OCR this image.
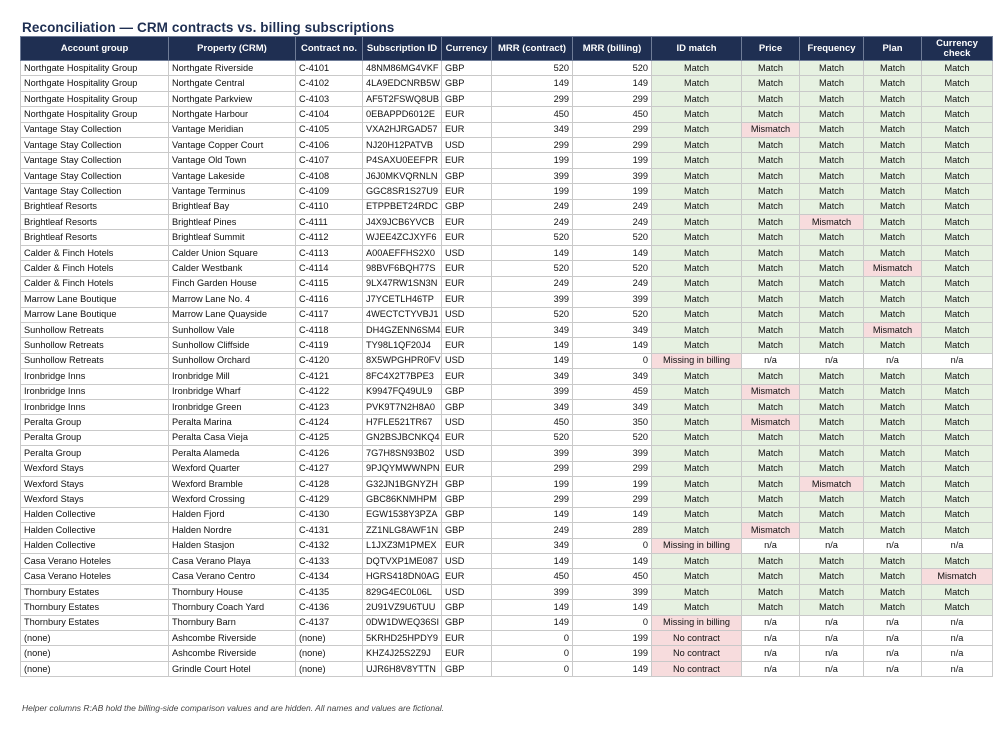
Reconciliation — CRM contracts vs. billing subscriptions
Account group	Property (CRM)	Contract no.	Subscription ID	Currency	MRR (contract)	MRR (billing)	ID match	Price	Frequency	Plan	Currency check
Northgate Hospitality Group	Northgate Riverside	C-4101	48NM86MG4VKF	GBP	520	520	Match	Match	Match	Match	Match
Northgate Hospitality Group	Northgate Central	C-4102	4LA9EDCNRB5W	GBP	149	149	Match	Match	Match	Match	Match
Northgate Hospitality Group	Northgate Parkview	C-4103	AF5T2FSWQ8UB	GBP	299	299	Match	Match	Match	Match	Match
Northgate Hospitality Group	Northgate Harbour	C-4104	0EBAPPD6012E	EUR	450	450	Match	Match	Match	Match	Match
Vantage Stay Collection	Vantage Meridian	C-4105	VXA2HJRGAD57	EUR	349	299	Match	Mismatch	Match	Match	Match
Vantage Stay Collection	Vantage Copper Court	C-4106	NJ20H12PATVB	USD	299	299	Match	Match	Match	Match	Match
Vantage Stay Collection	Vantage Old Town	C-4107	P4SAXU0EEFPR	EUR	199	199	Match	Match	Match	Match	Match
Vantage Stay Collection	Vantage Lakeside	C-4108	J6J0MKVQRNLN	GBP	399	399	Match	Match	Match	Match	Match
Vantage Stay Collection	Vantage Terminus	C-4109	GGC8SR1S27U9	EUR	199	199	Match	Match	Match	Match	Match
Brightleaf Resorts	Brightleaf Bay	C-4110	ETPPBET24RDC	GBP	249	249	Match	Match	Match	Match	Match
Brightleaf Resorts	Brightleaf Pines	C-4111	J4X9JCB6YVCB	EUR	249	249	Match	Match	Mismatch	Match	Match
Brightleaf Resorts	Brightleaf Summit	C-4112	WJEE4ZCJXYF6	EUR	520	520	Match	Match	Match	Match	Match
Calder & Finch Hotels	Calder Union Square	C-4113	A00AEFFHS2X0	USD	149	149	Match	Match	Match	Match	Match
Calder & Finch Hotels	Calder Westbank	C-4114	98BVF6BQH77S	EUR	520	520	Match	Match	Match	Mismatch	Match
Calder & Finch Hotels	Finch Garden House	C-4115	9LX47RW1SN3N	EUR	249	249	Match	Match	Match	Match	Match
Marrow Lane Boutique	Marrow Lane No. 4	C-4116	J7YCETLH46TP	EUR	399	399	Match	Match	Match	Match	Match
Marrow Lane Boutique	Marrow Lane Quayside	C-4117	4WECTCTYVBJ1	USD	520	520	Match	Match	Match	Match	Match
Sunhollow Retreats	Sunhollow Vale	C-4118	DH4GZENN6SM4	EUR	349	349	Match	Match	Match	Mismatch	Match
Sunhollow Retreats	Sunhollow Cliffside	C-4119	TY98L1QF20J4	EUR	149	149	Match	Match	Match	Match	Match
Sunhollow Retreats	Sunhollow Orchard	C-4120	8X5WPGHPR0FV	USD	149	0	Missing in billing	n/a	n/a	n/a	n/a
Ironbridge Inns	Ironbridge Mill	C-4121	8FC4X2T7BPE3	EUR	349	349	Match	Match	Match	Match	Match
Ironbridge Inns	Ironbridge Wharf	C-4122	K9947FQ49UL9	GBP	399	459	Match	Mismatch	Match	Match	Match
Ironbridge Inns	Ironbridge Green	C-4123	PVK9T7N2H8A0	GBP	349	349	Match	Match	Match	Match	Match
Peralta Group	Peralta Marina	C-4124	H7FLE521TR67	USD	450	350	Match	Mismatch	Match	Match	Match
Peralta Group	Peralta Casa Vieja	C-4125	GN2BSJBCNKQ4	EUR	520	520	Match	Match	Match	Match	Match
Peralta Group	Peralta Alameda	C-4126	7G7H8SN93B02	USD	399	399	Match	Match	Match	Match	Match
Wexford Stays	Wexford Quarter	C-4127	9PJQYMWWNPN	EUR	299	299	Match	Match	Match	Match	Match
Wexford Stays	Wexford Bramble	C-4128	G32JN1BGNYZH	GBP	199	199	Match	Match	Mismatch	Match	Match
Wexford Stays	Wexford Crossing	C-4129	GBC86KNMHPM	GBP	299	299	Match	Match	Match	Match	Match
Halden Collective	Halden Fjord	C-4130	EGW1538Y3PZA	GBP	149	149	Match	Match	Match	Match	Match
Halden Collective	Halden Nordre	C-4131	ZZ1NLG8AWF1N	GBP	249	289	Match	Mismatch	Match	Match	Match
Halden Collective	Halden Stasjon	C-4132	L1JXZ3M1PMEX	EUR	349	0	Missing in billing	n/a	n/a	n/a	n/a
Casa Verano Hoteles	Casa Verano Playa	C-4133	DQTVXP1ME087	USD	149	149	Match	Match	Match	Match	Match
Casa Verano Hoteles	Casa Verano Centro	C-4134	HGRS418DN0AG	EUR	450	450	Match	Match	Match	Match	Mismatch
Thornbury Estates	Thornbury House	C-4135	829G4EC0L06L	USD	399	399	Match	Match	Match	Match	Match
Thornbury Estates	Thornbury Coach Yard	C-4136	2U91VZ9U6TUU	GBP	149	149	Match	Match	Match	Match	Match
Thornbury Estates	Thornbury Barn	C-4137	0DW1DWEQ36SI	GBP	149	0	Missing in billing	n/a	n/a	n/a	n/a
(none)	Ashcombe Riverside	(none)	5KRHD25HPDY9	EUR	0	199	No contract	n/a	n/a	n/a	n/a
(none)	Ashcombe Riverside	(none)	KHZ4J25S2Z9J	EUR	0	199	No contract	n/a	n/a	n/a	n/a
(none)	Grindle Court Hotel	(none)	UJR6H8V8YTTN	GBP	0	149	No contract	n/a	n/a	n/a	n/a
Helper columns R:AB hold the billing-side comparison values and are hidden. All names and values are fictional.
